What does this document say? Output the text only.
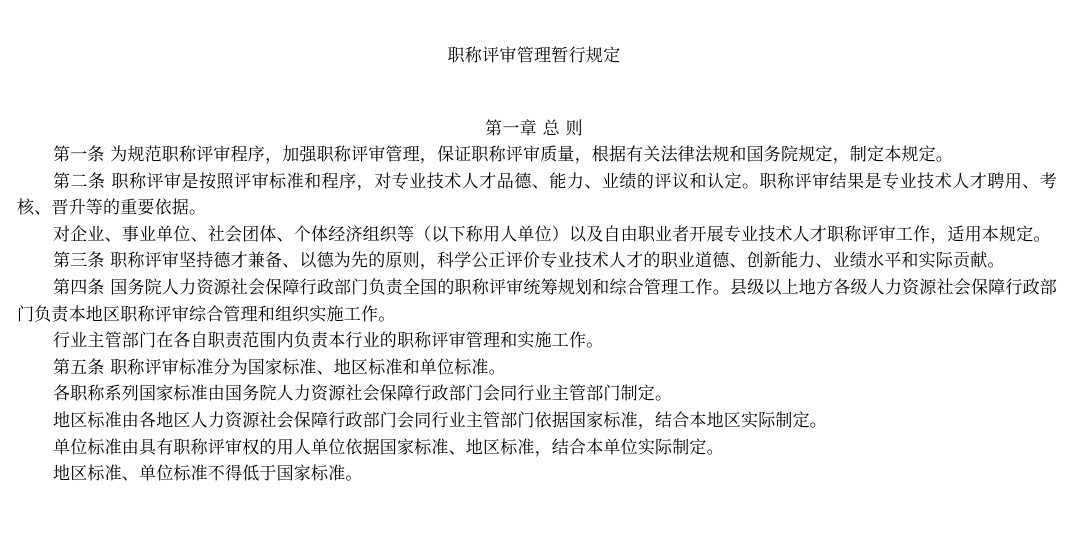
职称评审管理暂行规定
第一章 总 则

第一条 为规范职称评审程序，加强职称评审管理，保证职称评审质量，根据有关法律法规和国务院规定，制定本规定。

第二条 职称评审是按照评审标准和程序，对专业技术人才品德、能力、业绩的评议和认定。职称评审结果是专业技术人才聘用、考核、晋升等的重要依据。

对企业、事业单位、社会团体、个体经济组织等（以下称用人单位）以及自由职业者开展专业技术人才职称评审工作，适用本规定。

第三条 职称评审坚持德才兼备、以德为先的原则，科学公正评价专业技术人才的职业道德、创新能力、业绩水平和实际贡献。

第四条 国务院人力资源社会保障行政部门负责全国的职称评审统筹规划和综合管理工作。县级以上地方各级人力资源社会保障行政部门负责本地区职称评审综合管理和组织实施工作。

行业主管部门在各自职责范围内负责本行业的职称评审管理和实施工作。

第五条 职称评审标准分为国家标准、地区标准和单位标准。

各职称系列国家标准由国务院人力资源社会保障行政部门会同行业主管部门制定。

地区标准由各地区人力资源社会保障行政部门会同行业主管部门依据国家标准，结合本地区实际制定。

单位标准由具有职称评审权的用人单位依据国家标准、地区标准，结合本单位实际制定。

地区标准、单位标准不得低于国家标准。
